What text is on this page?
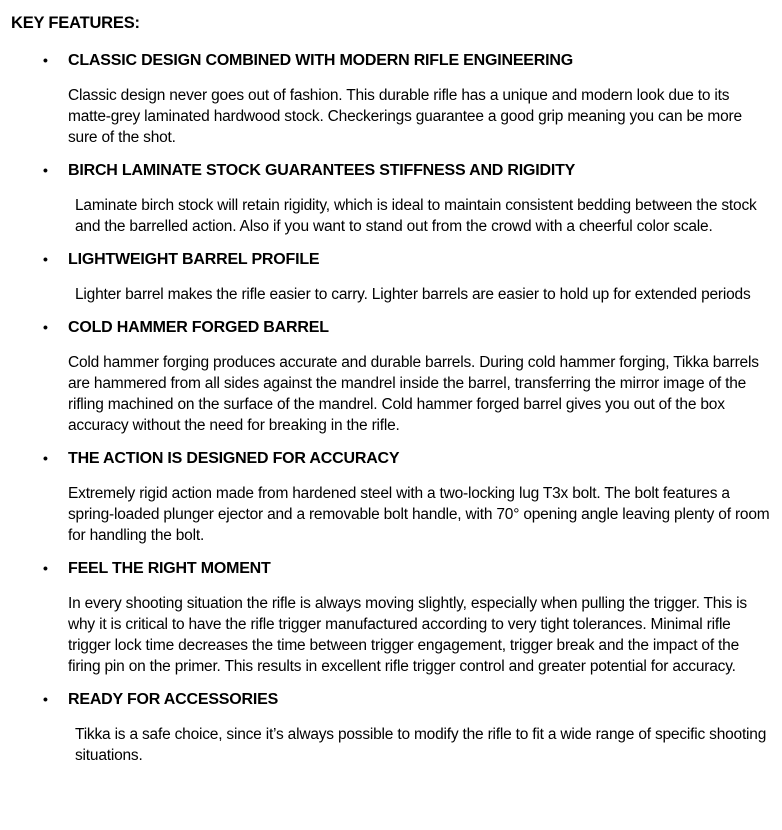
KEY FEATURES:
•	CLASSIC DESIGN COMBINED WITH MODERN RIFLE ENGINEERING

Classic design never goes out of fashion. This durable rifle has a unique and modern look due to its matte-grey laminated hardwood stock. Checkerings guarantee a good grip meaning you can be more sure of the shot.

•	BIRCH LAMINATE STOCK GUARANTEES STIFFNESS AND RIGIDITY

Laminate birch stock will retain rigidity, which is ideal to maintain consistent bedding between the stock and the barrelled action. Also if you want to stand out from the crowd with a cheerful color scale.

•	LIGHTWEIGHT BARREL PROFILE

Lighter barrel makes the rifle easier to carry. Lighter barrels are easier to hold up for extended periods

•	COLD HAMMER FORGED BARREL

Cold hammer forging produces accurate and durable barrels. During cold hammer forging, Tikka barrels are hammered from all sides against the mandrel inside the barrel, transferring the mirror image of the rifling machined on the surface of the mandrel. Cold hammer forged barrel gives you out of the box accuracy without the need for breaking in the rifle.

•	THE ACTION IS DESIGNED FOR ACCURACY

Extremely rigid action made from hardened steel with a two-locking lug T3x bolt. The bolt features a spring-loaded plunger ejector and a removable bolt handle, with 70° opening angle leaving plenty of room for handling the bolt.

•	FEEL THE RIGHT MOMENT

In every shooting situation the rifle is always moving slightly, especially when pulling the trigger. This is why it is critical to have the rifle trigger manufactured according to very tight tolerances. Minimal rifle trigger lock time decreases the time between trigger engagement, trigger break and the impact of the firing pin on the primer. This results in excellent rifle trigger control and greater potential for accuracy.

•	READY FOR ACCESSORIES

Tikka is a safe choice, since it’s always possible to modify the rifle to fit a wide range of specific shooting situations.
